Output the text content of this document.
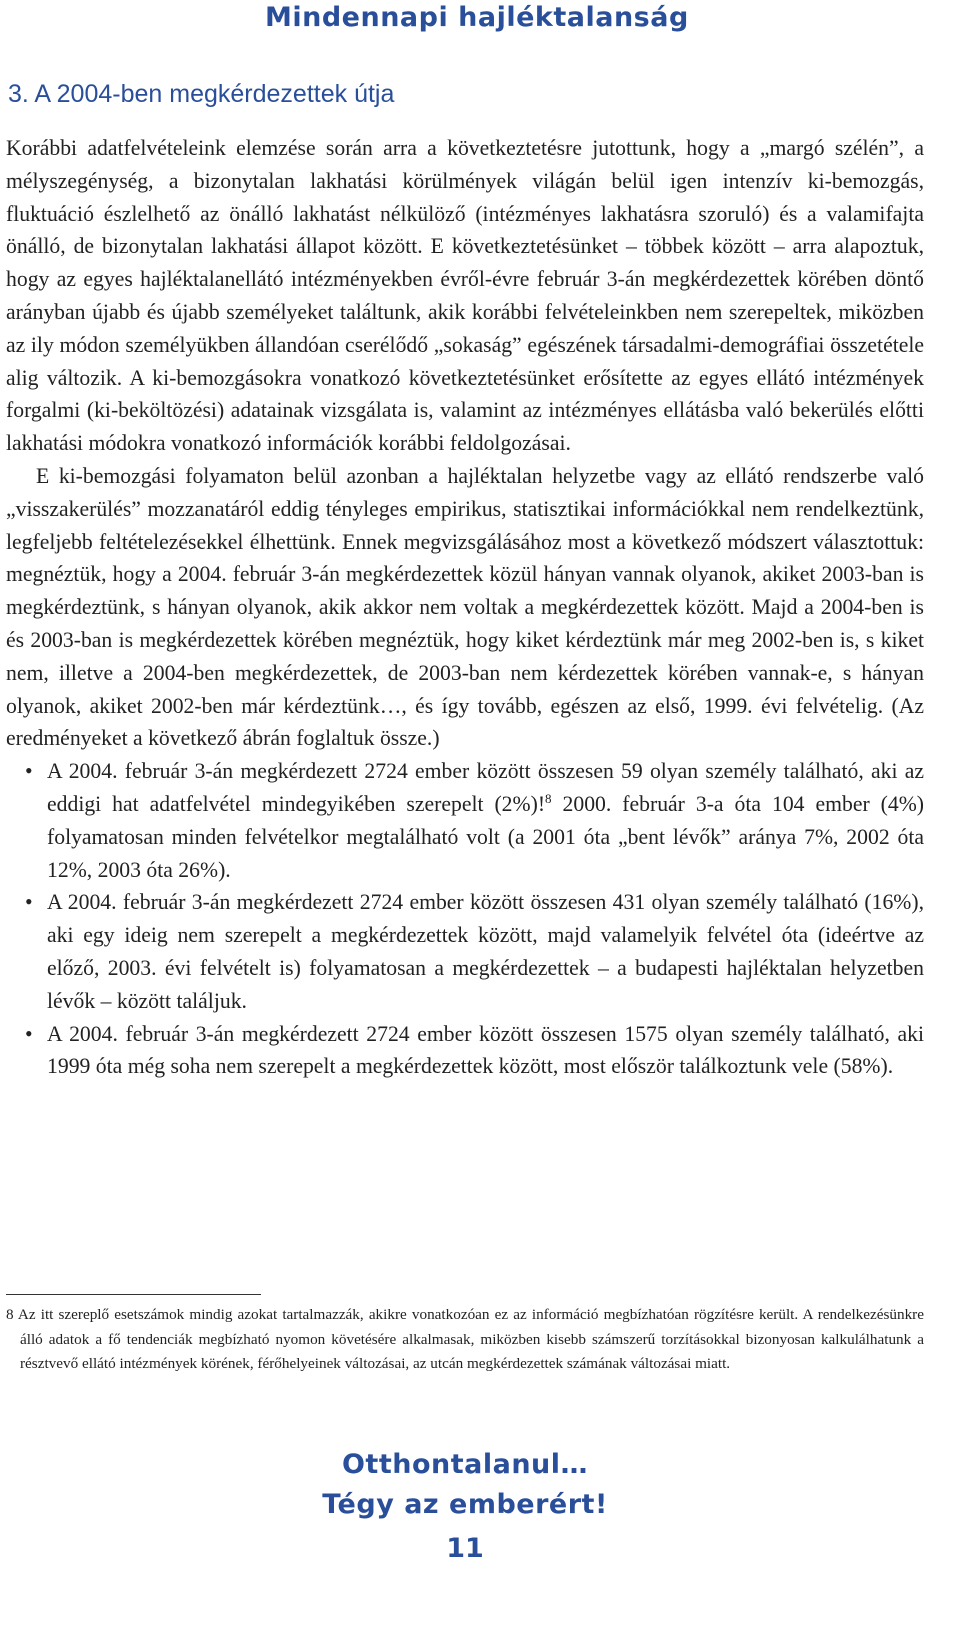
Mindennapi hajléktalanság
3. A 2004-ben megkérdezettek útja

Korábbi adatfelvételeink elemzése során arra a következtetésre jutottunk, hogy a „margó szélén”, a mélyszegénység, a bizonytalan lakhatási körülmények világán belül igen intenzív ki-bemozgás, fluktuáció észlelhető az önálló lakhatást nélkülöző (intézményes lakhatásra szoruló) és a valamifajta önálló, de bizonytalan lakhatási állapot között. E következtetésünket – többek között – arra alapoztuk, hogy az egyes hajléktalanellátó intézményekben évről-évre február 3-án megkérdezettek körében döntő arányban újabb és újabb személyeket találtunk, akik korábbi felvételeinkben nem szerepeltek, miközben az ily módon személyükben állandóan cserélődő „sokaság” egészének társadalmi-demográfiai összetétele alig változik. A ki-bemozgásokra vonatkozó következtetésünket erősítette az egyes ellátó intézmények forgalmi (ki-beköltözési) adatainak vizsgálata is, valamint az intézményes ellátásba való bekerülés előtti lakhatási módokra vonatkozó információk korábbi feldolgozásai.

E ki-bemozgási folyamaton belül azonban a hajléktalan helyzetbe vagy az ellátó rendszerbe való „visszakerülés” mozzanatáról eddig tényleges empirikus, statisztikai információkkal nem rendelkeztünk, legfeljebb feltételezésekkel élhettünk. Ennek megvizsgálásához most a következő módszert választottuk: megnéztük, hogy a 2004. február 3-án megkérdezettek közül hányan vannak olyanok, akiket 2003-ban is megkérdeztünk, s hányan olyanok, akik akkor nem voltak a megkérdezettek között. Majd a 2004-ben is és 2003-ban is megkérdezettek körében megnéztük, hogy kiket kérdeztünk már meg 2002-ben is, s kiket nem, illetve a 2004-ben megkérdezettek, de 2003-ban nem kérdezettek körében vannak-e, s hányan olyanok, akiket 2002-ben már kérdeztünk…, és így tovább, egészen az első, 1999. évi felvételig. (Az eredményeket a következő ábrán foglaltuk össze.)

• A 2004. február 3-án megkérdezett 2724 ember között összesen 59 olyan személy található, aki az eddigi hat adatfelvétel mindegyikében szerepelt (2%)!$^8$ 2000. február 3-a óta 104 ember (4%) folyamatosan minden felvételkor megtalálható volt (a 2001 óta „bent lévők” aránya 7%, 2002 óta 12%, 2003 óta 26%).
• A 2004. február 3-án megkérdezett 2724 ember között összesen 431 olyan személy található (16%), aki egy ideig nem szerepelt a megkérdezettek között, majd valamelyik felvétel óta (ideértve az előző, 2003. évi felvételt is) folyamatosan a megkérdezettek – a budapesti hajléktalan helyzetben lévők – között találjuk.
• A 2004. február 3-án megkérdezett 2724 ember között összesen 1575 olyan személy található, aki 1999 óta még soha nem szerepelt a megkérdezettek között, most először találkoztunk vele (58%).

8 Az itt szereplő esetszámok mindig azokat tartalmazzák, akikre vonatkozóan ez az információ megbízhatóan rögzítésre került. A rendelkezésünkre álló adatok a fő tendenciák megbízható nyomon követésére alkalmasak, miközben kisebb számszerű torzításokkal bizonyosan kalkulálhatunk a résztvevő ellátó intézmények körének, férőhelyeinek változásai, az utcán megkérdezettek számának változásai miatt.

Otthontalanul…
Tégy az emberért!
11
